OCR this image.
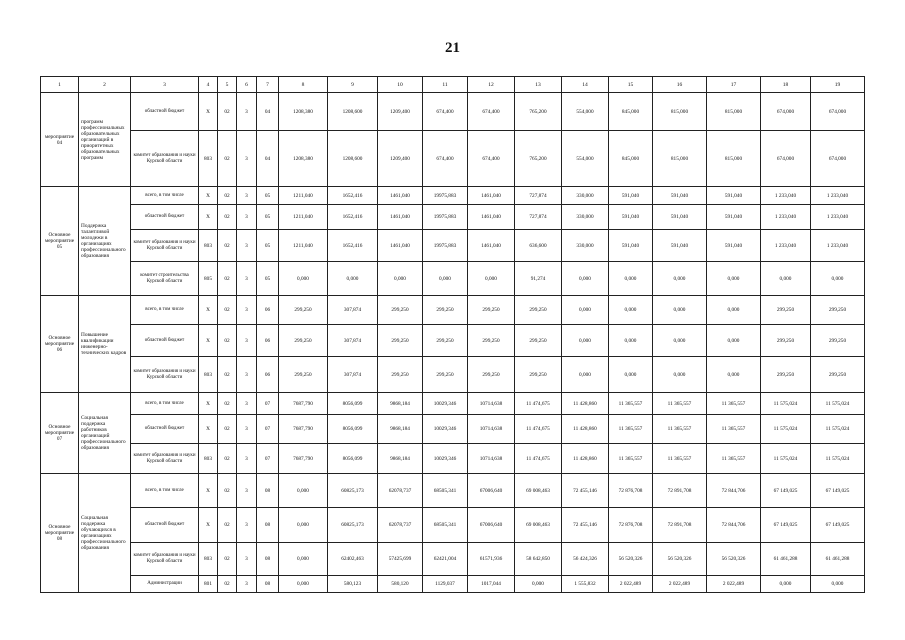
21
1	2	3	4	5	6	7	8	9	10	11	12	13	14	15	16	17	18	19
мероприятие 04	программ профессиональных образовательных организаций в приоритетных образовательных программ	областной бюджет	Х	02	3	04	1208,380	1208,600	1209,400	674,400	674,400	765,200	554,000	845,000	815,000	815,000	674,000	674,000
		комитет образования и науки Курской области	803	02	3	04	1208,380	1208,600	1209,400	674,400	674,400	765,200	554,000	845,000	815,000	815,000	674,000	674,000
Основное мероприятие 05	Поддержка талантливой молодежи в организациях профессионального образования	всего, в том числе	Х	02	3	05	1211,040	1652,416	1461,040	19975,883	1461,040	727,874	330,000	591,040	591,040	591,040	1 233,040	1 233,040
		областной бюджет	Х	02	3	05	1211,040	1652,416	1461,040	19975,883	1461,040	727,874	330,000	591,040	591,040	591,040	1 233,040	1 233,040
		комитет образования и науки Курской области	803	02	3	05	1211,040	1652,416	1461,040	19975,883	1461,040	636,600	330,000	591,040	591,040	591,040	1 233,040	1 233,040
		комитет строительства Курской области	805	02	3	05	0,000	0,000	0,000	0,000	0,000	91,274	0,000	0,000	0,000	0,000	0,000	0,000
Основное мероприятие 06	Повышение квалификации инженерно-технических кадров	всего, в том числе	Х	02	3	06	299,250	307,874	299,250	299,250	299,250	299,250	0,000	0,000	0,000	0,000	299,250	299,250
		областной бюджет	Х	02	3	06	299,250	307,874	299,250	299,250	299,250	299,250	0,000	0,000	0,000	0,000	299,250	299,250
		комитет образования и науки Курской области	803	02	3	06	299,250	307,874	299,250	299,250	299,250	299,250	0,000	0,000	0,000	0,000	299,250	299,250
Основное мероприятие 07	Социальная поддержка работников организаций профессионального образования	всего, в том числе	Х	02	3	07	7687,790	8056,099	9868,184	10029,346	10714,638	11 474,675	11 428,860	11 365,557	11 365,557	11 365,557	11 575,024	11 575,024
		областной бюджет	Х	02	3	07	7687,790	8056,099	9868,184	10029,346	10714,638	11 474,675	11 428,860	11 365,557	11 365,557	11 365,557	11 575,024	11 575,024
		комитет образования и науки Курской области	803	02	3	07	7687,790	8056,099	9868,184	10029,346	10714,638	11 474,675	11 428,860	11 365,557	11 365,557	11 365,557	11 575,024	11 575,024
Основное мероприятие 08	Социальная поддержка обучающихся в организациях профессионального образования	всего, в том числе	Х	02	3	08	0,000	60825,173	62078,737	68505,341	67006,640	69 008,463	72 455,146	72 876,708	72 891,708	72 844,706	67 149,025	67 149,025
		областной бюджет	Х	02	3	08	0,000	60825,173	62078,737	68505,341	67006,640	69 008,463	72 455,146	72 876,708	72 891,708	72 844,706	67 149,025	67 149,025
		комитет образования и науки Курской области	803	02	3	08	0,000	62402,463	57425,699	62421,004	61571,936	58 642,850	56 424,326	56 520,326	56 520,326	56 520,326	61 461,288	61 461,288
		Администрации	801	02	3	08	0,000	580,123	580,120	1129,037	1017,044	0,000	1 555,832	2 022,489	2 022,489	2 022,489	0,000	0,000
